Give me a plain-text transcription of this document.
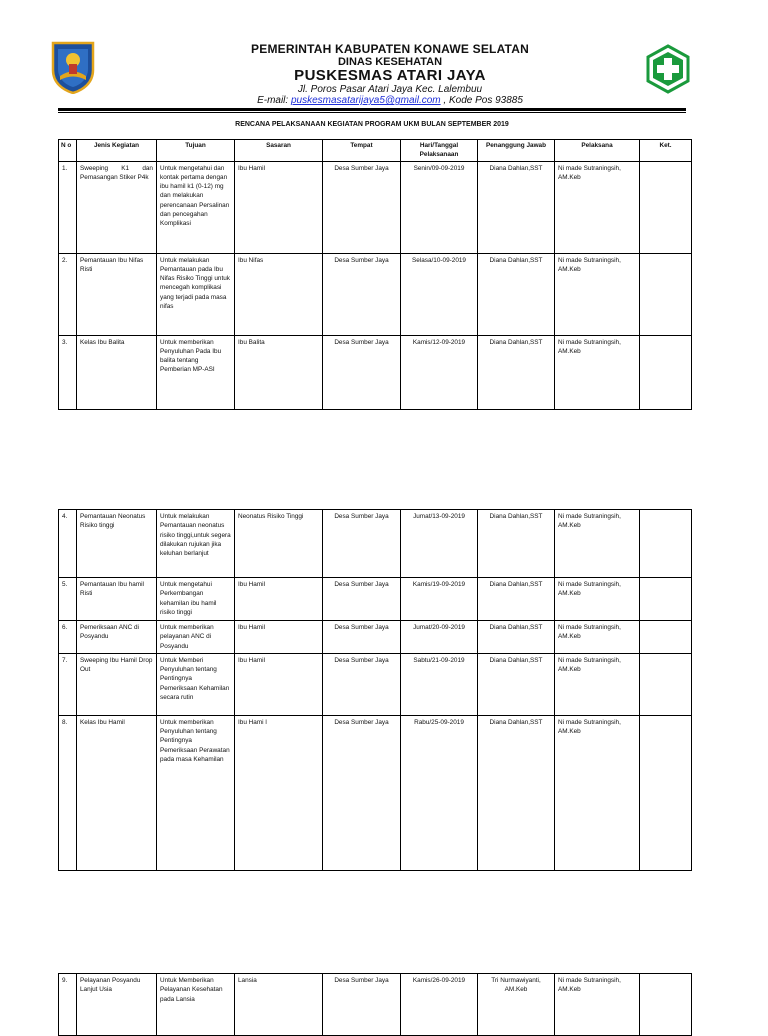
PEMERINTAH KABUPATEN KONAWE SELATAN
DINAS KESEHATAN
PUSKESMAS ATARI JAYA
Jl. Poros Pasar Atari Jaya Kec. Lalembuu
E-mail: puskesmasatarijaya5@gmail.com , Kode Pos 93885
RENCANA PELAKSANAAN KEGIATAN PROGRAM UKM BULAN SEPTEMBER 2019
N o	Jenis Kegiatan	Tujuan	Sasaran	Tempat	Hari/Tanggal Pelaksanaan	Penanggung Jawab	Pelaksana	Ket.
1.	Sweeping K1 dan Pemasangan Stiker P4k	Untuk mengetahui dan kontak pertama dengan ibu hamil k1 (0-12) mg dan melakukan perencanaan Persalinan dan pencegahan Komplikasi	Ibu Hamil	Desa Sumber Jaya	Senin/09-09-2019	Diana Dahlan,SST	Ni made Sutraningsih, AM.Keb	
2.	Pemantauan Ibu Nifas Risti	Untuk melakukan Pemantauan pada Ibu Nifas Risiko Tinggi untuk mencegah komplikasi yang terjadi pada masa nifas	Ibu Nifas	Desa Sumber Jaya	Selasa/10-09-2019	Diana Dahlan,SST	Ni made Sutraningsih, AM.Keb	
3.	Kelas Ibu Balita	Untuk memberikan Penyuluhan Pada Ibu balita tentang Pemberian MP-ASI	Ibu Balita	Desa Sumber Jaya	Kamis/12-09-2019	Diana Dahlan,SST	Ni made Sutraningsih, AM.Keb	
4.	Pemantauan Neonatus Risiko tinggi	Untuk melakukan Pemantauan neonatus risiko tinggi,untuk segera dilakukan rujukan jika keluhan berlanjut	Neonatus Risiko Tinggi	Desa Sumber Jaya	Jumat/13-09-2019	Diana Dahlan,SST	Ni made Sutraningsih, AM.Keb	
5.	Pemantauan Ibu hamil Risti	Untuk mengetahui Perkembangan kehamilan ibu hamil risiko tinggi	Ibu Hamil	Desa Sumber Jaya	Kamis/19-09-2019	Diana Dahlan,SST	Ni made Sutraningsih, AM.Keb	
6.	Pemeriksaan ANC di Posyandu	Untuk memberikan pelayanan ANC di Posyandu	Ibu Hamil	Desa Sumber Jaya	Jumat/20-09-2019	Diana Dahlan,SST	Ni made Sutraningsih, AM.Keb	
7.	Sweeping Ibu Hamil Drop Out	Untuk Memberi Penyuluhan tentang Pentingnya Pemeriksaan Kehamilan secara rutin	Ibu Hamil	Desa Sumber Jaya	Sabtu/21-09-2019	Diana Dahlan,SST	Ni made Sutraningsih, AM.Keb	
8.	Kelas Ibu Hamil	Untuk memberikan Penyuluhan tentang Pentingnya Pemeriksaan Perawatan pada masa Kehamilan	Ibu Hami l	Desa Sumber Jaya	Rabu/25-09-2019	Diana Dahlan,SST	Ni made Sutraningsih, AM.Keb	
9.	Pelayanan Posyandu Lanjut Usia	Untuk Memberikan Pelayanan Kesehatan pada Lansia	Lansia	Desa Sumber Jaya	Kamis/26-09-2019	Tri Nurmawiyanti, AM.Keb	Ni made Sutraningsih, AM.Keb	
